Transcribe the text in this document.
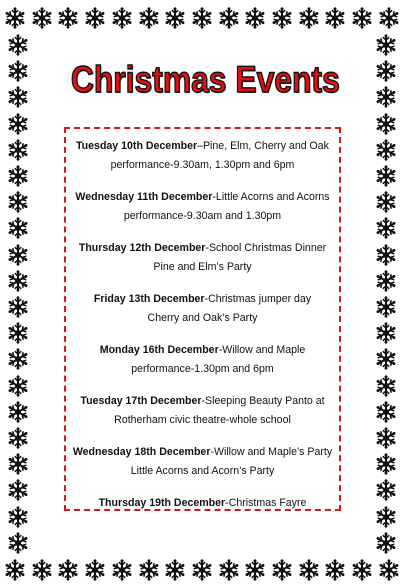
Christmas Events
Tuesday 10th December–Pine, Elm, Cherry and Oak
performance-9.30am, 1.30pm and 6pm
Wednesday 11th December-Little Acorns and Acorns
performance-9.30am and 1.30pm
Thursday 12th December-School Christmas Dinner
Pine and Elm’s Party
Friday 13th December-Christmas jumper day
Cherry and Oak’s Party
Monday 16th December-Willow and Maple
performance-1.30pm and 6pm
Tuesday 17th December-Sleeping Beauty Panto at
Rotherham civic theatre-whole school
Wednesday 18th December-Willow and Maple’s Party
Little Acorns and Acorn’s Party
Thursday 19th December-Christmas Fayre
